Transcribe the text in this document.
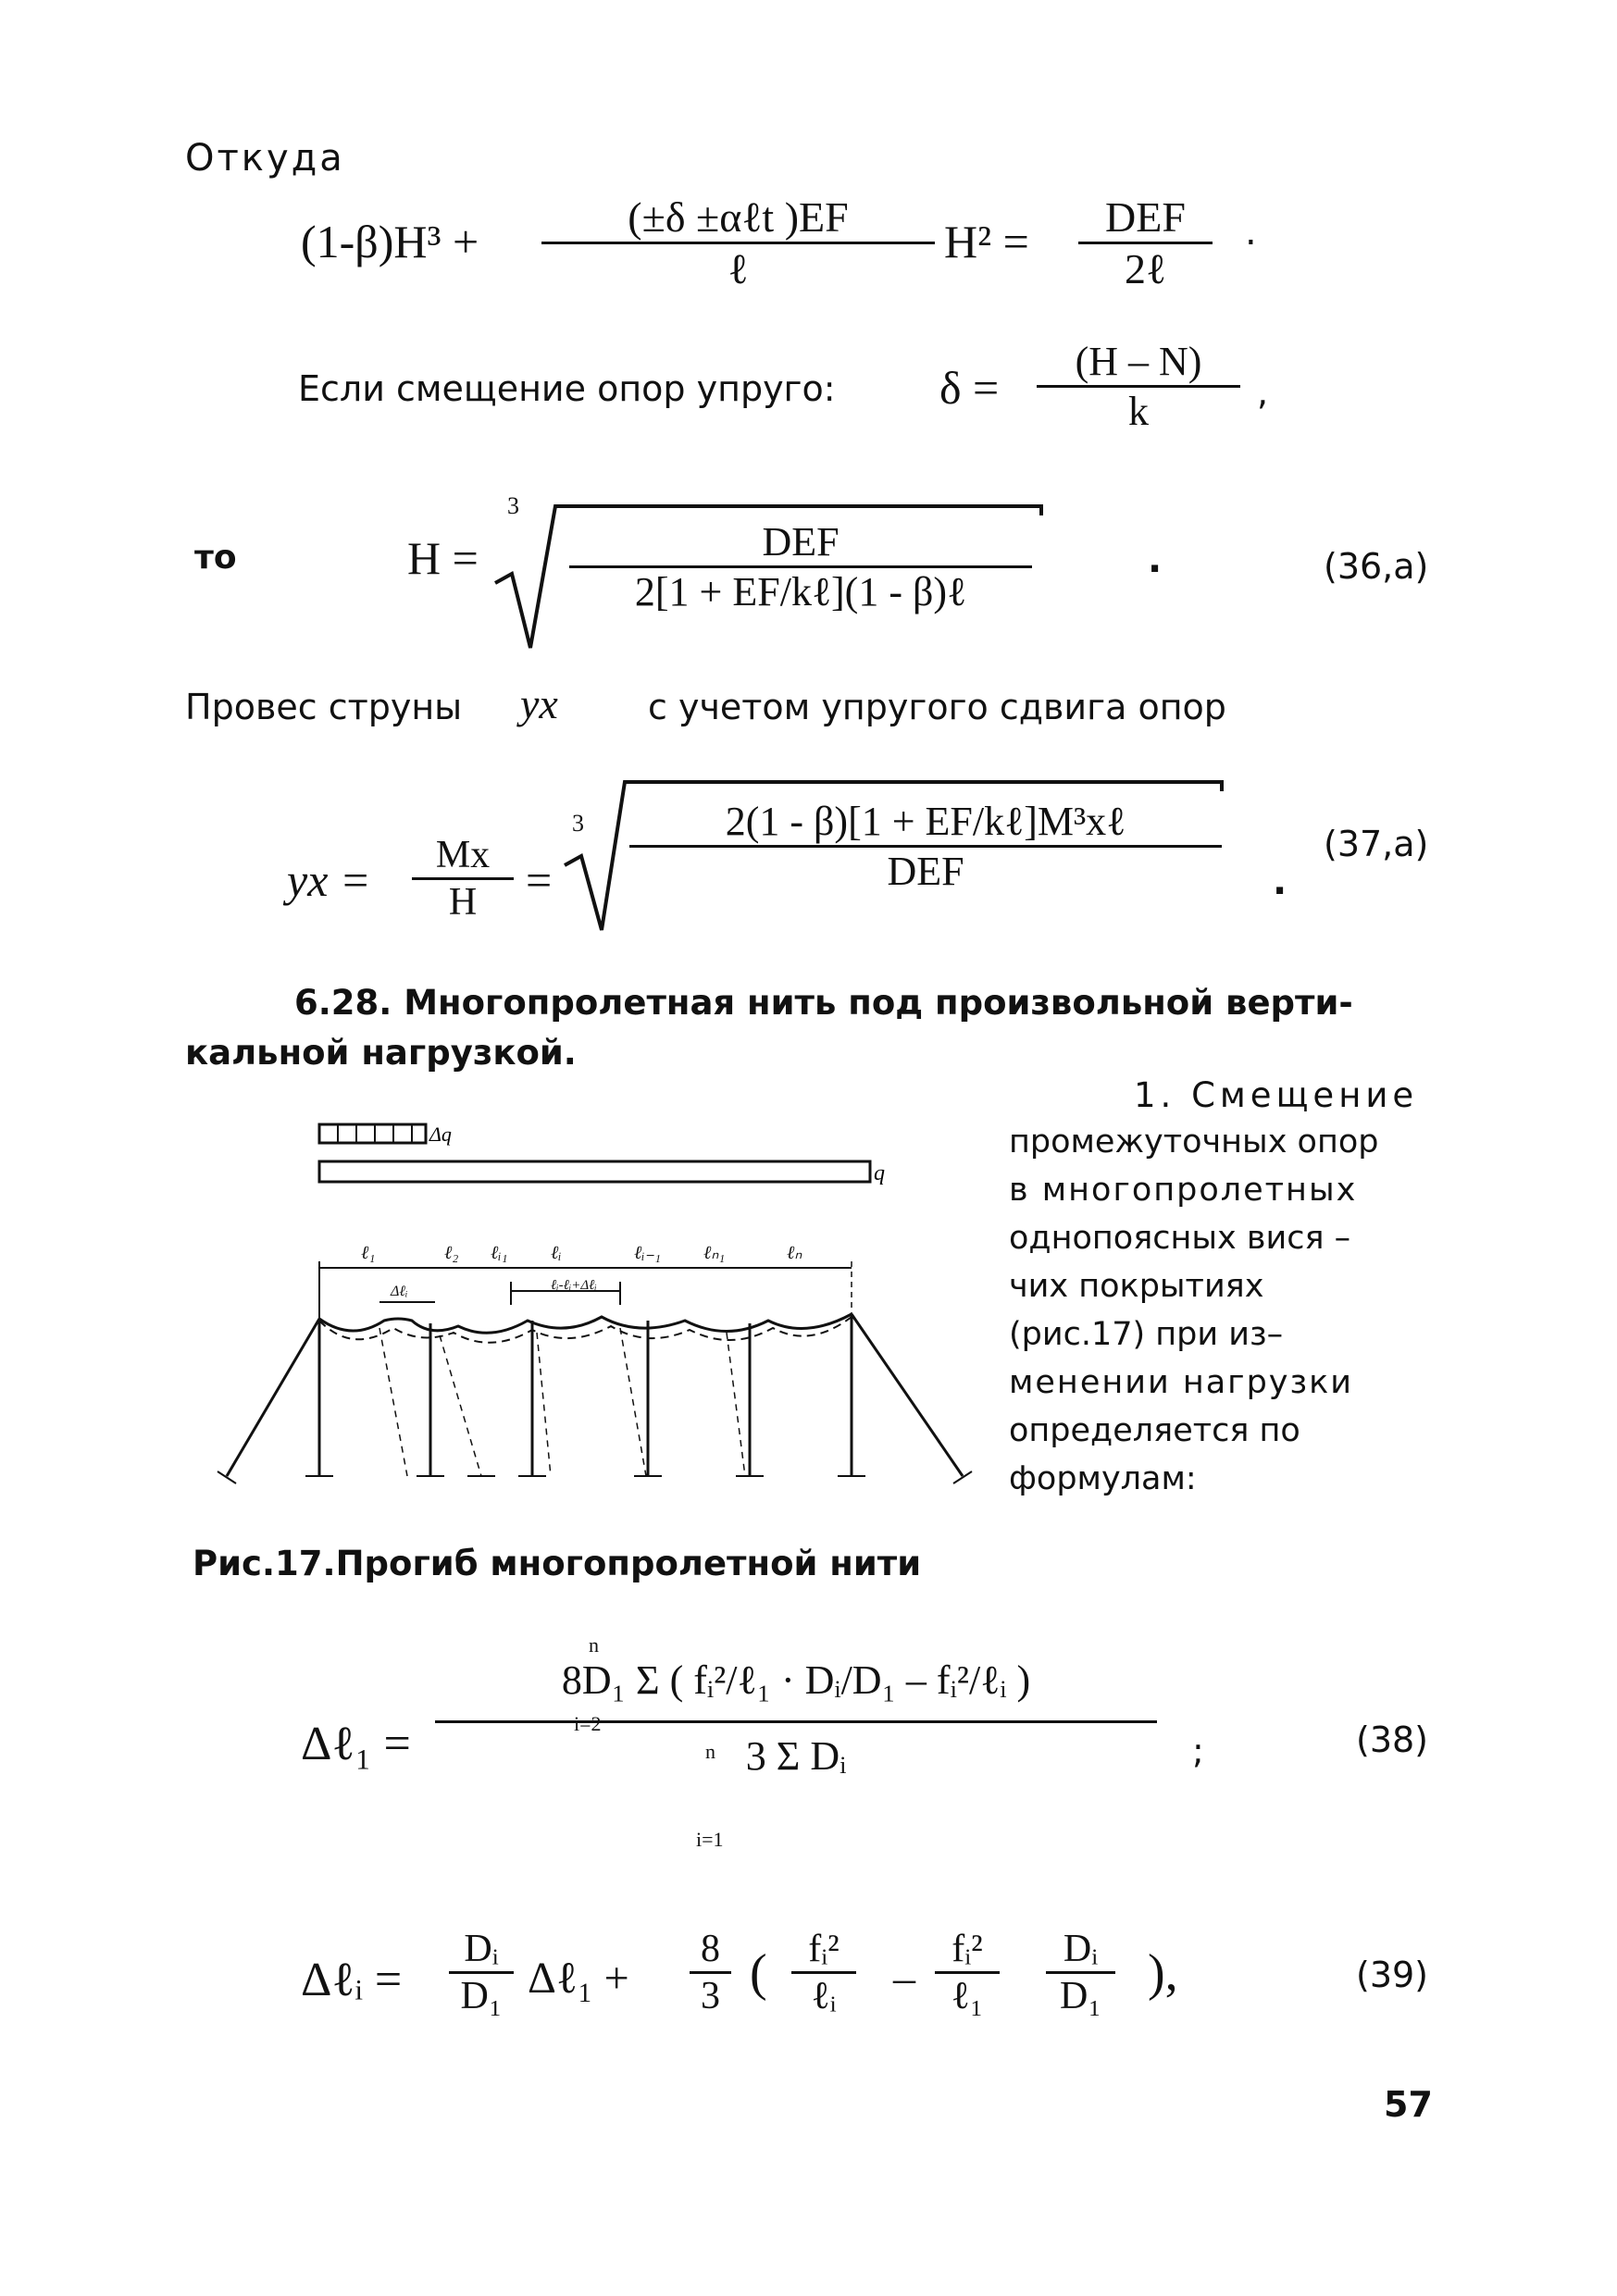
Откуда
(1-β)H³ +	(±δ ±αℓt )EF
ℓ
H² =	DEF
2ℓ
.
Если смещение опор упруго: δ =
(H – N)
k	,
то	H =
3
DEF
2[1 + EF/kℓ](1 - β)ℓ
.	(36,a)
Провес струны yx	с учетом упругого сдвига опор
yx =	Mx
H	=
3	2(1 - β)[1 + EF/kℓ]M³xℓ
DEF	.
(37,a)
6.28. Многопролетная нить под произвольной верти-
кальной нагрузкой.
1. Смещение
промежуточных опор
в многопролетных
однопоясных вися –
чих покрытиях
(рис.17) при из–
менении нагрузки
определяется по
формулам:
Δq
q
ℓ₁	ℓ₂ ℓᵢ₁ ℓᵢ	ℓᵢ₋₁ ℓₙ₁	ℓₙ
Δℓᵢ	ℓᵢ-ℓᵢ+Δℓᵢ
Рис.17.Прогиб многопролетной нити
Δℓ₁ =
8D₁ Σ ( fᵢ²/ℓ₁ · Dᵢ/D₁ – fᵢ²/ℓᵢ )
3 Σ Dᵢ
n
i=2
n
i=1
;	(38)
Δℓᵢ =
Dᵢ
D₁ Δℓ₁ +
8
3 (	fᵢ²
ℓᵢ	–
fᵢ²
ℓ₁
Dᵢ
D₁ ),	(39)
57
